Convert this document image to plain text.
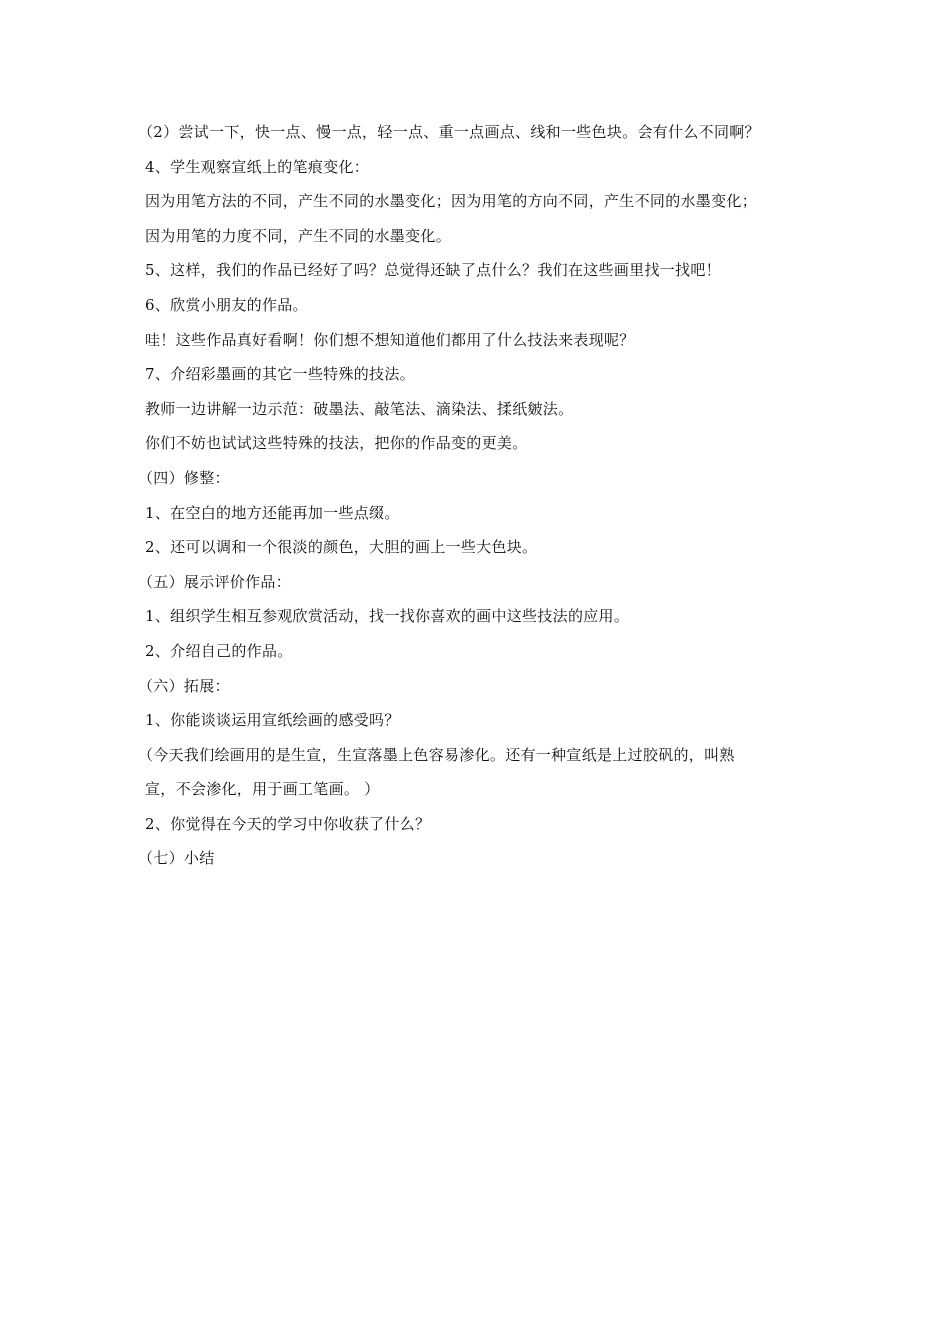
（2）尝试一下，快一点、慢一点，轻一点、重一点画点、线和一些色块。会有什么不同啊？
4、学生观察宣纸上的笔痕变化：
因为用笔方法的不同，产生不同的水墨变化；因为用笔的方向不同，产生不同的水墨变化；
因为用笔的力度不同，产生不同的水墨变化。
5、这样，我们的作品已经好了吗？总觉得还缺了点什么？我们在这些画里找一找吧！
6、欣赏小朋友的作品。
哇！这些作品真好看啊！你们想不想知道他们都用了什么技法来表现呢？
7、介绍彩墨画的其它一些特殊的技法。
教师一边讲解一边示范：破墨法、敲笔法、滴染法、揉纸皴法。
你们不妨也试试这些特殊的技法，把你的作品变的更美。
（四）修整：
1、在空白的地方还能再加一些点缀。
2、还可以调和一个很淡的颜色，大胆的画上一些大色块。
（五）展示评价作品：
1、组织学生相互参观欣赏活动，找一找你喜欢的画中这些技法的应用。
2、介绍自己的作品。
（六）拓展：
1、你能谈谈运用宣纸绘画的感受吗？
（今天我们绘画用的是生宣，生宣落墨上色容易渗化。还有一种宣纸是上过胶矾的，叫熟
宣，不会渗化，用于画工笔画。 ）
2、你觉得在今天的学习中你收获了什么？
（七）小结
